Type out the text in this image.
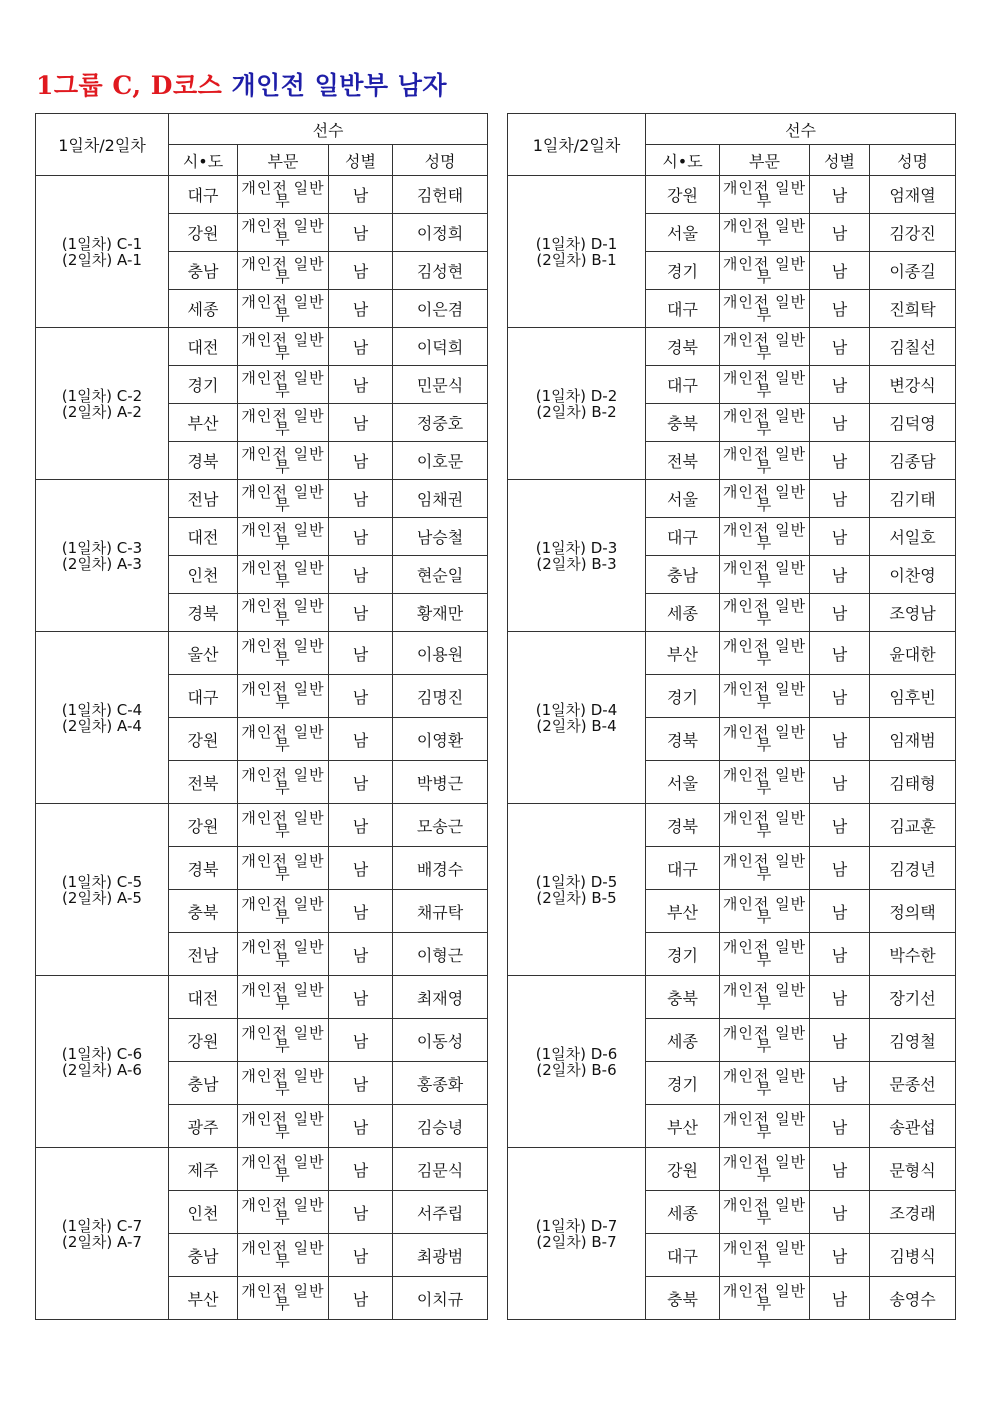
1그룹 C, D코스 개인전 일반부 남자
1일차/2일차	선수			
	시•도	부문	성별	성명

(1일차) C-1
(2일차) A-1	대구	개인전 일반부	남	김헌태
	강원	개인전 일반부	남	이정희
	충남	개인전 일반부	남	김성현
	세종	개인전 일반부	남	이은겸

(1일차) C-2
(2일차) A-2	대전	개인전 일반부	남	이덕희
	경기	개인전 일반부	남	민문식
	부산	개인전 일반부	남	정중호
	경북	개인전 일반부	남	이호문

(1일차) C-3
(2일차) A-3	전남	개인전 일반부	남	임채권
	대전	개인전 일반부	남	남승철
	인천	개인전 일반부	남	현순일
	경북	개인전 일반부	남	황재만

(1일차) C-4
(2일차) A-4	울산	개인전 일반부	남	이용원
	대구	개인전 일반부	남	김명진
	강원	개인전 일반부	남	이영환
	전북	개인전 일반부	남	박병근

(1일차) C-5
(2일차) A-5	강원	개인전 일반부	남	모송근
	경북	개인전 일반부	남	배경수
	충북	개인전 일반부	남	채규탁
	전남	개인전 일반부	남	이형근

(1일차) C-6
(2일차) A-6	대전	개인전 일반부	남	최재영
	강원	개인전 일반부	남	이동성
	충남	개인전 일반부	남	홍종화
	광주	개인전 일반부	남	김승녕

(1일차) C-7
(2일차) A-7	제주	개인전 일반부	남	김문식
	인천	개인전 일반부	남	서주립
	충남	개인전 일반부	남	최광범
	부산	개인전 일반부	남	이치규
1일차/2일차	선수			
	시•도	부문	성별	성명

(1일차) D-1
(2일차) B-1	강원	개인전 일반부	남	엄재열
	서울	개인전 일반부	남	김강진
	경기	개인전 일반부	남	이종길
	대구	개인전 일반부	남	진희탁

(1일차) D-2
(2일차) B-2	경북	개인전 일반부	남	김칠선
	대구	개인전 일반부	남	변강식
	충북	개인전 일반부	남	김덕영
	전북	개인전 일반부	남	김종담

(1일차) D-3
(2일차) B-3	서울	개인전 일반부	남	김기태
	대구	개인전 일반부	남	서일호
	충남	개인전 일반부	남	이찬영
	세종	개인전 일반부	남	조영남

(1일차) D-4
(2일차) B-4	부산	개인전 일반부	남	윤대한
	경기	개인전 일반부	남	임후빈
	경북	개인전 일반부	남	임재범
	서울	개인전 일반부	남	김태형

(1일차) D-5
(2일차) B-5	경북	개인전 일반부	남	김교훈
	대구	개인전 일반부	남	김경년
	부산	개인전 일반부	남	정의택
	경기	개인전 일반부	남	박수한

(1일차) D-6
(2일차) B-6	충북	개인전 일반부	남	장기선
	세종	개인전 일반부	남	김영철
	경기	개인전 일반부	남	문종선
	부산	개인전 일반부	남	송관섭

(1일차) D-7
(2일차) B-7	강원	개인전 일반부	남	문형식
	세종	개인전 일반부	남	조경래
	대구	개인전 일반부	남	김병식
	충북	개인전 일반부	남	송영수
